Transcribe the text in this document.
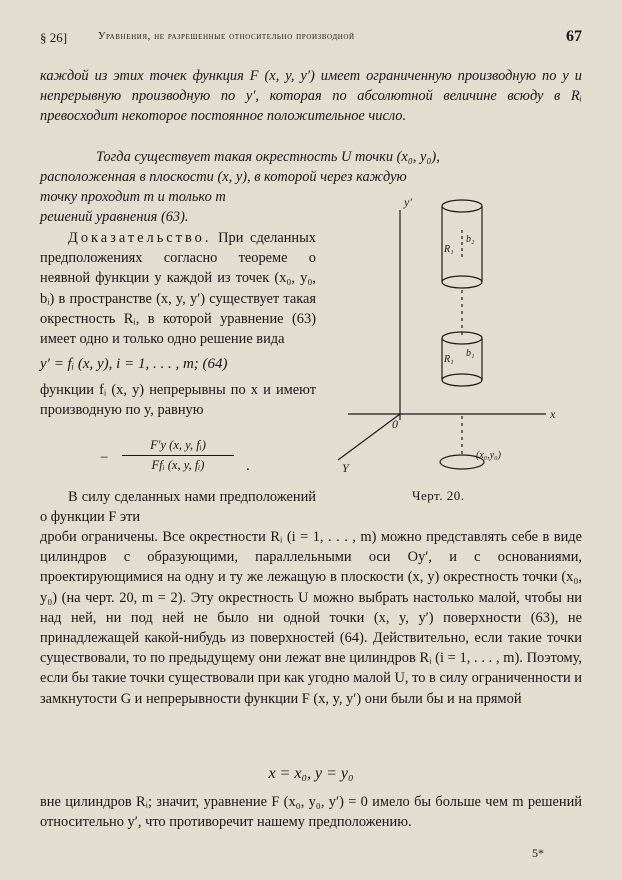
§ 26]	Уравнения, не разрешенные относительно производной	67
каждой из этих точек функция F (x, y, y′) имеет ограниченную производную по y и непрерывную производную по y′, которая по абсолютной величине всюду в Rᵢ превосходит некоторое постоянное положительное число.
Тогда существует такая окрестность U точки (x₀, y₀),
расположенная в плоскости (x, y), в которой через каждую
точку проходит m и только m
решений уравнения (63).
Доказательство. При сделанных предположениях согласно теореме о неявной функции у каждой из точек (x₀, y₀, bᵢ) в пространстве (x, y, y′) существует такая окрестность Rᵢ, в которой уравнение (63) имеет одно и только одно решение вида
y′ = fᵢ (x, y), i = 1, . . . , m; (64)
функции fᵢ (x, y) непрерывны по x и имеют производную по y, равную
−
F′y (x, y, fᵢ)
Ffᵢ (x, y, fᵢ)	.
В силу сделанных нами предположений о функции F эти
дроби ограничены. Все окрестности Rᵢ (i = 1, . . . , m) можно представлять себе в виде цилиндров с образующими, параллельными оси Oy′, и с основаниями, проектирующимися на одну и ту же лежащую в плоскости (x, y) окрестность точки (x₀, y₀) (на черт. 20, m = 2). Эту окрестность U можно выбрать настолько малой, чтобы ни над ней, ни под ней не было ни одной точки (x, y, y′) поверхности (63), не принадлежащей какой-нибудь из поверхностей (64). Действительно, если такие точки существовали, то по предыдущему они лежат вне цилиндров Rᵢ (i = 1, . . . , m). Поэтому, если бы такие точки существовали при как угодно малой U, то в силу ограниченности и замкнутости G и непрерывности функции F (x, y, y′) они были бы и на прямой
x = x₀, y = y₀
вне цилиндров Rᵢ; значит, уравнение F (x₀, y₀, y′) = 0 имело бы больше чем m решений относительно y′, что противоречит нашему предположению.
y′
x
Y
0
R₁
b₂
R₁
b₁
(x₀,y₀)
Черт. 20.
5*
